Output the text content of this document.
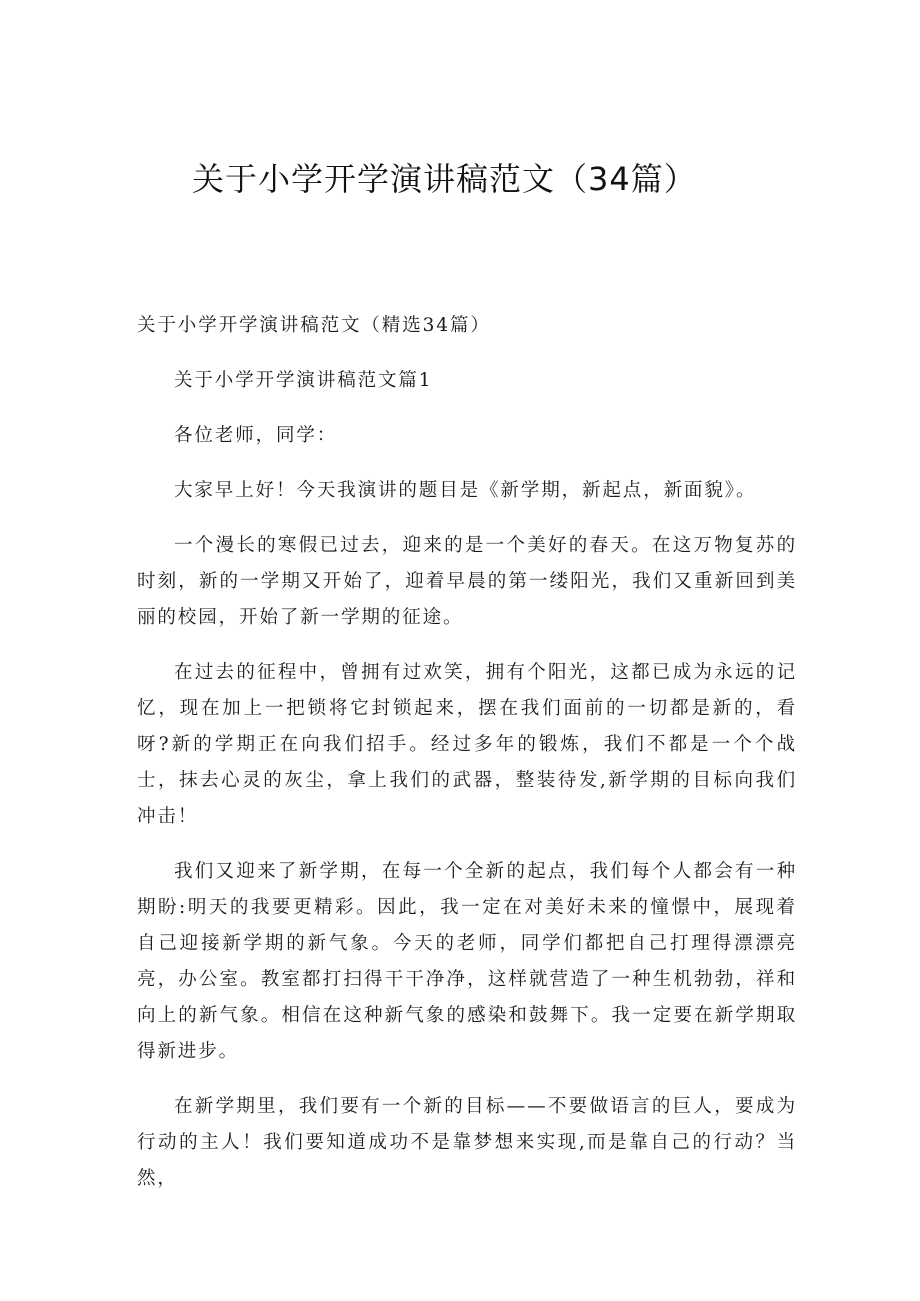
关于小学开学演讲稿范文（34篇）

关于小学开学演讲稿范文（精选34篇）

关于小学开学演讲稿范文篇1

各位老师，同学：

大家早上好！今天我演讲的题目是《新学期，新起点，新面貌》。

一个漫长的寒假已过去，迎来的是一个美好的春天。在这万物复苏的时刻，新的一学期又开始了，迎着早晨的第一缕阳光，我们又重新回到美丽的校园，开始了新一学期的征途。

在过去的征程中，曾拥有过欢笑，拥有个阳光，这都已成为永远的记忆，现在加上一把锁将它封锁起来，摆在我们面前的一切都是新的，看呀?新的学期正在向我们招手。经过多年的锻炼，我们不都是一个个战士，抹去心灵的灰尘，拿上我们的武器，整装待发,新学期的目标向我们冲击！

我们又迎来了新学期，在每一个全新的起点，我们每个人都会有一种期盼:明天的我要更精彩。因此，我一定在对美好未来的憧憬中，展现着自己迎接新学期的新气象。今天的老师，同学们都把自己打理得漂漂亮亮，办公室。教室都打扫得干干净净，这样就营造了一种生机勃勃，祥和向上的新气象。相信在这种新气象的感染和鼓舞下。我一定要在新学期取得新进步。

在新学期里，我们要有一个新的目标——不要做语言的巨人，要成为行动的主人！我们要知道成功不是靠梦想来实现,而是靠自己的行动？当然，
